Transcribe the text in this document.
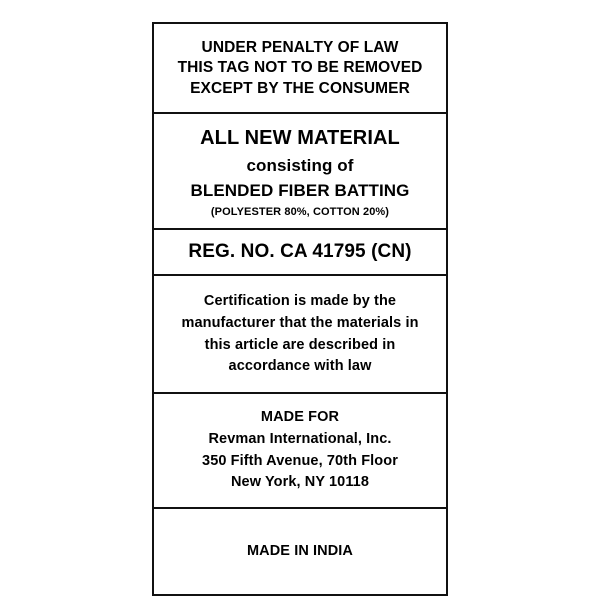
UNDER PENALTY OF LAW
THIS TAG NOT TO BE REMOVED
EXCEPT BY THE CONSUMER
ALL NEW MATERIAL
consisting of
BLENDED FIBER BATTING
(POLYESTER 80%, COTTON 20%)
REG. NO. CA 41795 (CN)
Certification is made by the
manufacturer that the materials in
this article are described in
accordance with law
MADE FOR
Revman International, Inc.
350 Fifth Avenue, 70th Floor
New York, NY 10118
MADE IN INDIA
